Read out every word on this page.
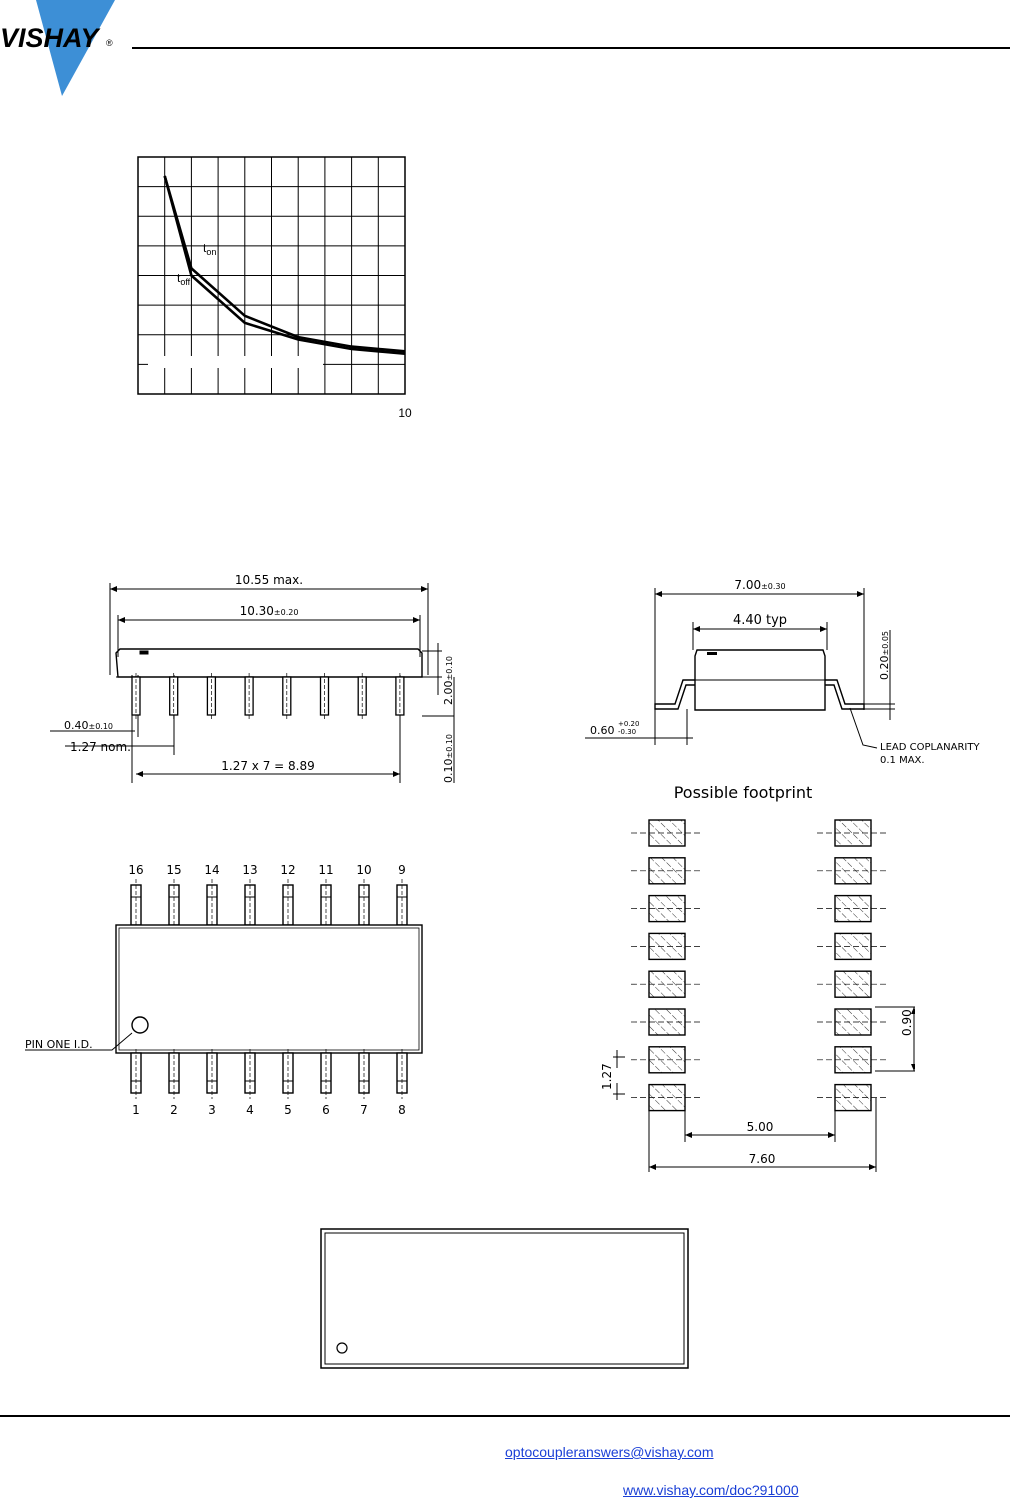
VISHAY ®
$t_{on}$
$t_{off}$
10
10.55 max.
10.30±0.20
2.00±0.10
0.40±0.10
1.27 nom.
1.27 x 7 = 8.89	0.10±0.10
7.00±0.30
4.40 typ
0.20±0.05
0.60 +0.20
-0.30
LEAD COPLANARITY
0.1 MAX.
16 15 14 13 12 11 10 9
PIN ONE I.D.
1	2	3	4	5	6	7	8
Possible footprint
1.27
0.90
5.00
7.60
optocoupleranswers@vishay.com
www.vishay.com/doc?91000
